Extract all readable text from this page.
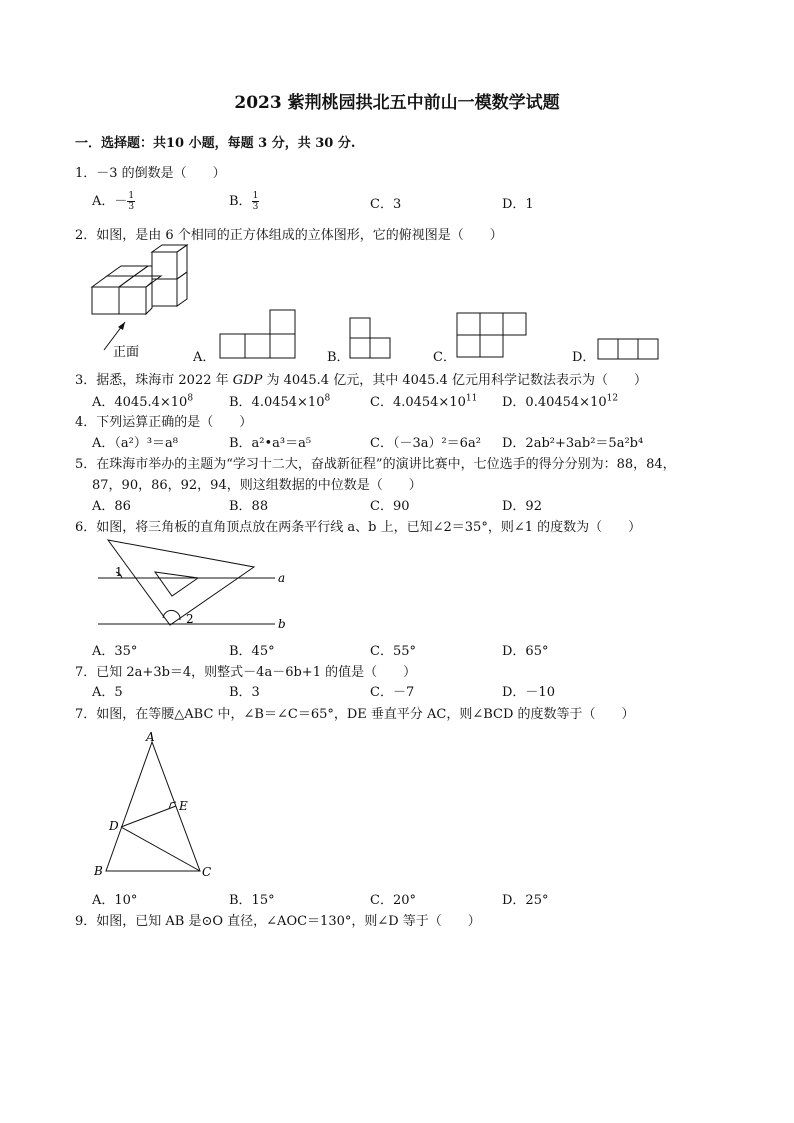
2023 紫荆桃园拱北五中前山一模数学试题
一．选择题：共10 小题，每题 3 分，共 30 分.
1．－3 的倒数是（　　）
A．－ $\frac{1}{3}$	B． $\frac{1}{3}$	C．3	D．1
2．如图，是由 6 个相同的正方体组成的立体图形，它的俯视图是（　　）
正面	A．	B．	C．	D．
3．据悉，珠海市 2022 年 GDP 为 4045.4 亿元，其中 4045.4 亿元用科学记数法表示为（　　）
A．$4045.4\times 10^8$	B．$4.0454\times 10^8$	C．$4.0454\times 10^{11}$ D．$0.40454\times 10^{12}$
4．下列运算正确的是（　　）
A．（a²）³＝a⁸	B．a²•a³＝a⁵	C．（－3a）²＝6a² D．2ab²+3ab²＝5a²b⁴
5．在珠海市举办的主题为“学习十二大，奋战新征程”的演讲比赛中，七位选手的得分分别为：88，84，
87，90，86，92，94，则这组数据的中位数是（　　）
A．86	B．88	C．90	D．92
6．如图，将三角板的直角顶点放在两条平行线 a、b 上，已知∠2＝35°，则∠1 的度数为（　　）
1
2
a
b
A．35°	B．45°	C．55°	D．65°
7．已知 2a+3b＝4，则整式－4a－6b+1 的值是（　　）
A．5	B．3	C．－7	D．－10
7．如图，在等腰△ABC 中，∠B＝∠C＝65°，DE 垂直平分 AC，则∠BCD 的度数等于（　　）
A
B	C
D
E
A．10°	B．15°	C．20°	D．25°
9．如图，已知 AB 是⊙O 直径，∠AOC＝130°，则∠D 等于（　　）
